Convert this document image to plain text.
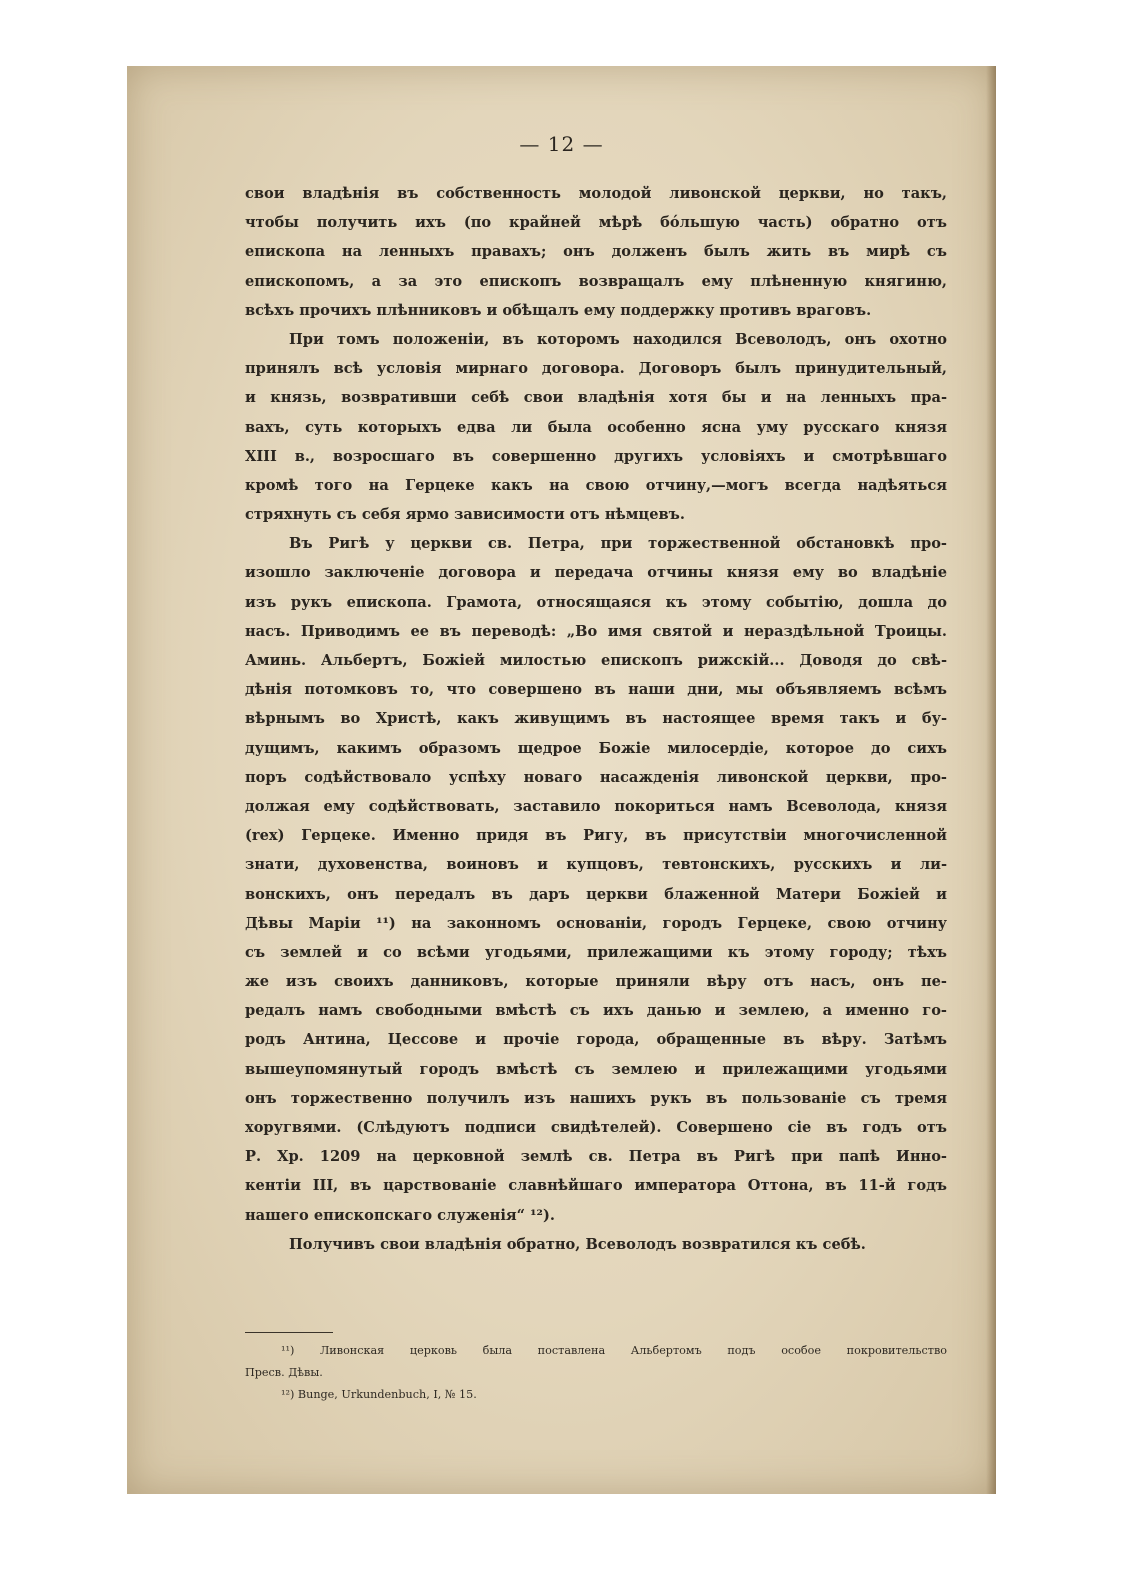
— 12 —
свои владѣнія въ собственность молодой ливонской церкви, но такъ,
чтобы получить ихъ (по крайней мѣрѣ бóльшую часть) обратно отъ
епископа на ленныхъ правахъ; онъ долженъ былъ жить въ мирѣ съ
епископомъ, а за это епископъ возвращалъ ему плѣненную княгиню,
всѣхъ прочихъ плѣнниковъ и обѣщалъ ему поддержку противъ враговъ.
При томъ положеніи, въ которомъ находился Всеволодъ, онъ охотно
принялъ всѣ условія мирнаго договора. Договоръ былъ принудительный,
и князь, возвративши себѣ свои владѣнія хотя бы и на ленныхъ пра-
вахъ, суть которыхъ едва ли была особенно ясна уму русскаго князя
XIII в., возросшаго въ совершенно другихъ условіяхъ и смотрѣвшаго
кромѣ того на Герцеке какъ на свою отчину,—могъ всегда надѣяться
стряхнуть съ себя ярмо зависимости отъ нѣмцевъ.
Въ Ригѣ у церкви св. Петра, при торжественной обстановкѣ про-
изошло заключеніе договора и передача отчины князя ему во владѣніе
изъ рукъ епископа. Грамота, относящаяся къ этому событію, дошла до
насъ. Приводимъ ее въ переводѣ: „Во имя святой и нераздѣльной Троицы.
Аминь. Альбертъ, Божіей милостью епископъ рижскій... Доводя до свѣ-
дѣнія потомковъ то, что совершено въ наши дни, мы объявляемъ всѣмъ
вѣрнымъ во Христѣ, какъ живущимъ въ настоящее время такъ и бу-
дущимъ, какимъ образомъ щедрое Божіе милосердіе, которое до сихъ
поръ содѣйствовало успѣху новаго насажденія ливонской церкви, про-
должая ему содѣйствовать, заставило покориться намъ Всеволода, князя
(rex) Герцеке. Именно придя въ Ригу, въ присутствіи многочисленной
знати, духовенства, воиновъ и купцовъ, тевтонскихъ, русскихъ и ли-
вонскихъ, онъ передалъ въ даръ церкви блаженной Матери Божіей и
Дѣвы Маріи ¹¹) на законномъ основаніи, городъ Герцеке, свою отчину
съ землей и со всѣми угодьями, прилежащими къ этому городу; тѣхъ
же изъ своихъ данниковъ, которые приняли вѣру отъ насъ, онъ пе-
редалъ намъ свободными вмѣстѣ съ ихъ данью и землею, а именно го-
родъ Антина, Цессове и прочіе города, обращенные въ вѣру. Затѣмъ
вышеупомянутый городъ вмѣстѣ съ землею и прилежащими угодьями
онъ торжественно получилъ изъ нашихъ рукъ въ пользованіе съ тремя
хоругвями. (Слѣдуютъ подписи свидѣтелей). Совершено сіе въ годъ отъ
Р. Хр. 1209 на церковной землѣ св. Петра въ Ригѣ при папѣ Инно-
кентіи III, въ царствованіе славнѣйшаго императора Оттона, въ 11-й годъ
нашего епископскаго служенія“ ¹²).
Получивъ свои владѣнія обратно, Всеволодъ возвратился къ себѣ.
¹¹) Ливонская церковь была поставлена Альбертомъ подъ особое покровительство
Пресв. Дѣвы.
¹²) Bunge, Urkundenbuch, I, № 15.
